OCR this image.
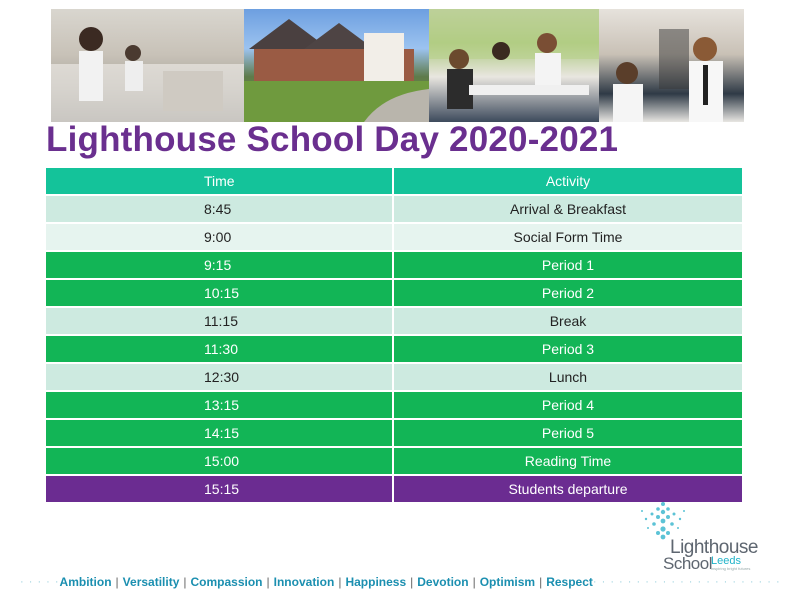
Lighthouse School Day 2020-2021
Time	Activity
8:45	Arrival & Breakfast
9:00	Social Form Time
9:15	Period 1
10:15	Period 2
11:15	Break
11:30	Period 3
12:30	Lunch
13:15	Period 4
14:15	Period 5
15:00	Reading Time
15:15	Students departure
Lighthouse
School Leeds
inspiring bright futures
· · · · · Ambition | Versatility | Compassion | Innovation | Happiness | Devotion | Optimism | Respect · · · · · · · · · · · · · · · · · · · · · ·
